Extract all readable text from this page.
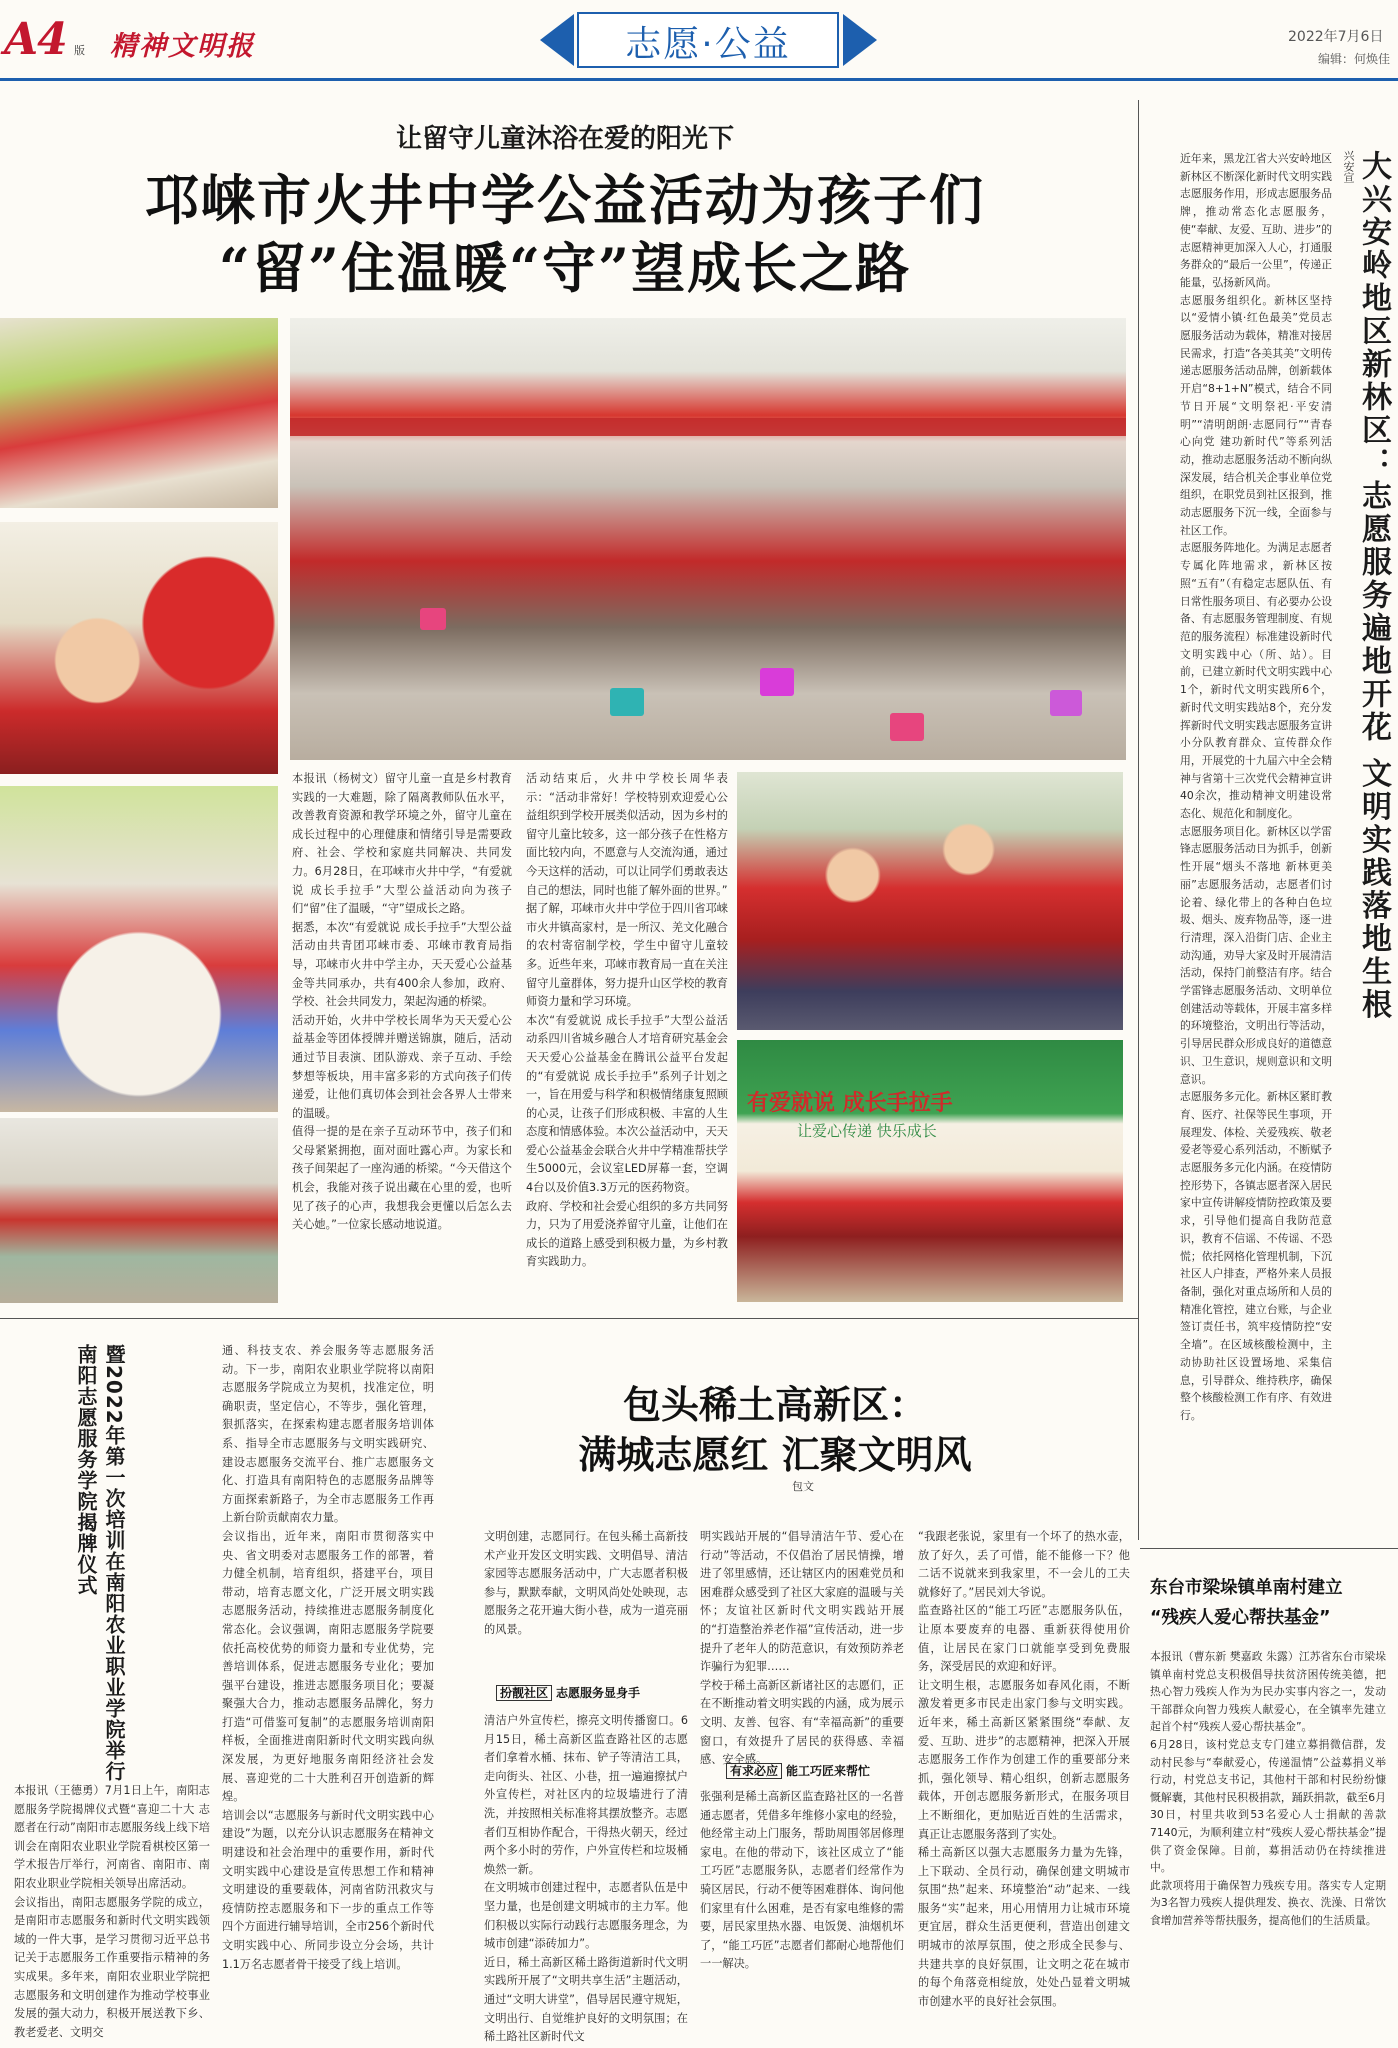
A4 版 精神文明报	志愿·公益	2022年7月6日
编辑：何焕佳
让留守儿童沐浴在爱的阳光下
邛崃市火井中学公益活动为孩子们
“留”住温暖“守”望成长之路
有爱就说 成长手拉手
让爱心传递 快乐成长
本报讯（杨树文）留守儿童一直是乡村教育实践的一大难题，除了隔离教师队伍水平，改善教育资源和教学环境之外，留守儿童在成长过程中的心理健康和情绪引导是需要政府、社会、学校和家庭共同解决、共同发力。6月28日，在邛崃市火井中学，“有爱就说 成长手拉手”大型公益活动向为孩子们“留”住了温暖，“守”望成长之路。
据悉，本次“有爱就说 成长手拉手”大型公益活动由共青团邛崃市委、邛崃市教育局指导，邛崃市火井中学主办，天天爱心公益基金等共同承办，共有400余人参加，政府、学校、社会共同发力，架起沟通的桥梁。
活动开始，火井中学校长周华为天天爱心公益基金等团体授牌并赠送锦旗，随后，活动通过节目表演、团队游戏、亲子互动、手绘梦想等板块，用丰富多彩的方式向孩子们传递爱，让他们真切体会到社会各界人士带来的温暖。
值得一提的是在亲子互动环节中，孩子们和父母紧紧拥抱，面对面吐露心声。为家长和孩子间架起了一座沟通的桥梁。“今天借这个机会，我能对孩子说出藏在心里的爱，也听见了孩子的心声，我想我会更懂以后怎么去关心她。”一位家长感动地说道。
活动结束后，火井中学校长周华表示：“活动非常好！学校特别欢迎爱心公益组织到学校开展类似活动，因为乡村的留守儿童比较多，这一部分孩子在性格方面比较内向，不愿意与人交流沟通，通过今天这样的活动，可以让同学们勇敢表达自己的想法，同时也能了解外面的世界。”
据了解，邛崃市火井中学位于四川省邛崃市火井镇高家村，是一所汉、羌文化融合的农村寄宿制学校，学生中留守儿童较多。近些年来，邛崃市教育局一直在关注留守儿童群体，努力提升山区学校的教育师资力量和学习环境。
本次“有爱就说 成长手拉手”大型公益活动系四川省城乡融合人才培育研究基金会天天爱心公益基金在腾讯公益平台发起的“有爱就说 成长手拉手”系列子计划之一，旨在用爱与科学和积极情绪康复照顾的心灵，让孩子们形成积极、丰富的人生态度和情感体验。本次公益活动中，天天爱心公益基金会联合火井中学精准帮扶学生5000元，会议室LED屏幕一套，空调4台以及价值3.3万元的医药物资。
政府、学校和社会爱心组织的多方共同努力，只为了用爱浇养留守儿童，让他们在成长的道路上感受到积极力量，为乡村教育实践助力。
兴安宣 大兴安岭地区新林区：志愿服务遍地开花 文明实践落地生根
近年来，黑龙江省大兴安岭地区新林区不断深化新时代文明实践志愿服务作用，形成志愿服务品牌，推动常态化志愿服务，使“奉献、友爱、互助、进步”的志愿精神更加深入人心，打通服务群众的“最后一公里”，传递正能量，弘扬新风尚。
志愿服务组织化。新林区坚持以“爱情小镇·红色最美”党员志愿服务活动为载体，精准对接居民需求，打造“各美其美”文明传递志愿服务活动品牌，创新载体开启“8+1+N”模式，结合不同节日开展“文明祭祀·平安清明”“清明朗朗·志愿同行”“青春心向党 建功新时代”等系列活动，推动志愿服务活动不断向纵深发展，结合机关企事业单位党组织，在职党员到社区报到，推动志愿服务下沉一线，全面参与社区工作。
志愿服务阵地化。为满足志愿者专属化阵地需求，新林区按照“五有”（有稳定志愿队伍、有日常性服务项目、有必要办公设备、有志愿服务管理制度、有规范的服务流程）标准建设新时代文明实践中心（所、站）。目前，已建立新时代文明实践中心1个，新时代文明实践所6个，新时代文明实践站8个，充分发挥新时代文明实践志愿服务宣讲小分队教育群众、宣传群众作用，开展党的十九届六中全会精神与省第十三次党代会精神宣讲40余次，推动精神文明建设常态化、规范化和制度化。
志愿服务项目化。新林区以学雷锋志愿服务活动日为抓手，创新性开展“烟头不落地 新林更美丽”志愿服务活动，志愿者们讨论着、绿化带上的各种白色垃圾、烟头、废弃物品等，逐一进行清理，深入沿街门店、企业主动沟通，劝导大家及时开展清洁活动，保持门前整洁有序。结合学雷锋志愿服务活动、文明单位创建活动等载体，开展丰富多样的环境整治，文明出行等活动，引导居民群众形成良好的道德意识、卫生意识，规则意识和文明意识。
志愿服务多元化。新林区紧盯教育、医疗、社保等民生事项，开展理发、体检、关爱残疾、敬老爱老等爱心系列活动，不断赋予志愿服务多元化内涵。在疫情防控形势下，各镇志愿者深入居民家中宣传讲解疫情防控政策及要求，引导他们提高自我防范意识，教育不信谣、不传谣、不恐慌；依托网格化管理机制，下沉社区人户排查，严格外来人员报备制，强化对重点场所和人员的精准化管控，建立台账，与企业签订责任书，筑牢疫情防控“安全墙”。在区域核酸检测中，主动协助社区设置场地、采集信息，引导群众、维持秩序，确保整个核酸检测工作有序、有效进行。
南阳志愿服务学院揭牌仪式 暨2022年第一次培训在南阳农业职业学院举行
本报讯（王德勇）7月1日上午，南阳志愿服务学院揭牌仪式暨“喜迎二十大 志愿者在行动”南阳市志愿服务线上线下培训会在南阳农业职业学院看棋校区第一学术报告厅举行，河南省、南阳市、南阳农业职业学院相关领导出席活动。
会议指出，南阳志愿服务学院的成立，是南阳市志愿服务和新时代文明实践领域的一件大事，是学习贯彻习近平总书记关于志愿服务工作重要指示精神的务实成果。多年来，南阳农业职业学院把志愿服务和文明创建作为推动学校事业发展的强大动力，积极开展送教下乡、教老爱老、文明交
通、科技支农、养会服务等志愿服务活动。下一步，南阳农业职业学院将以南阳志愿服务学院成立为契机，找准定位，明确职责，坚定信心，不等步，强化管理，狠抓落实，在探索构建志愿者服务培训体系、指导全市志愿服务与文明实践研究、建设志愿服务交流平台、推广志愿服务文化、打造具有南阳特色的志愿服务品牌等方面探索新路子，为全市志愿服务工作再上新台阶贡献南农力量。
会议指出，近年来，南阳市贯彻落实中央、省文明委对志愿服务工作的部署，着力健全机制，培育组织，搭建平台，项目带动，培育志愿文化，广泛开展文明实践志愿服务活动，持续推进志愿服务制度化常态化。会议强调，南阳志愿服务学院要依托高校优势的师资力量和专业优势，完善培训体系，促进志愿服务专业化；要加强平台建设，推进志愿服务项目化；要凝聚强大合力，推动志愿服务品牌化，努力打造“可借鉴可复制”的志愿服务培训南阳样板，全面推进南阳新时代文明实践向纵深发展，为更好地服务南阳经济社会发展、喜迎党的二十大胜利召开创造新的辉煌。
培训会以“志愿服务与新时代文明实践中心建设”为题，以充分认识志愿服务在精神文明建设和社会治理中的重要作用，新时代文明实践中心建设是宣传思想工作和精神文明建设的重要载体，河南省防汛救灾与疫情防控志愿服务和下一步的重点工作等四个方面进行辅导培训，全市256个新时代文明实践中心、所同步设立分会场，共计1.1万名志愿者骨干接受了线上培训。
包头稀土高新区：
满城志愿红 汇聚文明风
包文
文明创建，志愿同行。在包头稀土高新技术产业开发区文明实践、文明倡导、清洁家园等志愿服务活动中，广大志愿者积极参与，默默奉献，文明风尚处处映现，志愿服务之花开遍大街小巷，成为一道亮丽的风景。
扮靓社区 志愿服务显身手
清洁户外宣传栏，擦亮文明传播窗口。6月15日，稀土高新区监查路社区的志愿者们拿着水桶、抹布、铲子等清洁工具，走向街头、社区、小巷，扭一遍遍擦拭户外宣传栏，对社区内的垃圾墙进行了清洗，并按照相关标准将其摆放整齐。志愿者们互相协作配合，干得热火朝天，经过两个多小时的劳作，户外宣传栏和垃圾桶焕然一新。
在文明城市创建过程中，志愿者队伍是中坚力量，也是创建文明城市的主力军。他们积极以实际行动践行志愿服务理念，为城市创建“添砖加力”。
近日，稀土高新区稀土路街道新时代文明实践所开展了“文明共享生活”主题活动，通过“文明大讲堂”，倡导居民遵守规矩，文明出行、自觉维护良好的文明氛围；在稀土路社区新时代文
明实践站开展的“倡导清洁午节、爱心在行动”等活动，不仅倡治了居民情操，增进了邻里感情，还让辖区内的困难党员和困难群众感受到了社区大家庭的温暖与关怀；友谊社区新时代文明实践站开展的“打造整治养老作福”宣传活动，进一步提升了老年人的防范意识，有效预防养老诈骗行为犯罪……
学校于稀土高新区新诸社区的志愿们，正在不断推动着文明实践的内涵，成为展示文明、友善、包容、有“幸福高新”的重要窗口，有效提升了居民的获得感、幸福感、安全感。
有求必应 能工巧匠来帮忙
张强利是稀土高新区监查路社区的一名普通志愿者，凭借多年维修小家电的经验，他经常主动上门服务，帮助周围邻居修理家电。在他的带动下，该社区成立了“能工巧匠”志愿服务队，志愿者们经常作为骑区居民，行动不便等困难群体、询问他们家里有什么困难，是否有家电维修的需要，居民家里热水器、电饭煲、油烟机坏了，“能工巧匠”志愿者们都耐心地帮他们一一解决。
“我跟老张说，家里有一个坏了的热水壶，放了好久，丢了可惜，能不能修一下？他二话不说就来到我家里，不一会儿的工夫就修好了。”居民刘大爷说。
监查路社区的“能工巧匠”志愿服务队伍，让原本要废弃的电器、重新获得使用价值，让居民在家门口就能享受到免费服务，深受居民的欢迎和好评。
让文明生根，志愿服务如春风化雨，不断激发着更多市民走出家门参与文明实践。近年来，稀土高新区紧紧围绕“奉献、友爱、互助、进步”的志愿精神，把深入开展志愿服务工作作为创建工作的重要部分来抓，强化领导、精心组织，创新志愿服务载体，开创志愿服务新形式，在服务项目上不断细化，更加贴近百姓的生活需求，真正让志愿服务落到了实处。
稀土高新区以强大志愿服务力量为先锋，上下联动、全员行动，确保创建文明城市氛围“热”起来、环境整治“动”起来、一线服务“实”起来，用心用情用力让城市环境更宜居，群众生活更便利，营造出创建文明城市的浓厚氛围，使之形成全民参与、共建共享的良好氛围，让文明之花在城市的每个角落竞相绽放，处处凸显着文明城市创建水平的良好社会氛围。
东台市梁垛镇单南村建立
“残疾人爱心帮扶基金”
本报讯（曹东新 樊嘉政 朱露）江苏省东台市梁垛镇单南村党总支积极倡导扶贫济困传统美德，把热心智力残疾人作为为民办实事内容之一，发动干部群众向智力残疾人献爱心，在全镇率先建立起首个村“残疾人爱心帮扶基金”。
6月28日，该村党总支专门建立募捐微信群，发动村民参与“奉献爱心，传递温情”公益募捐义举行动，村党总支书记，其他村干部和村民纷纷慷慨解囊，其他村民积极捐款，踊跃捐款，截至6月30日，村里共收到53名爱心人士捐献的善款7140元，为顺利建立村“残疾人爱心帮扶基金”提供了资金保障。目前，募捐活动仍在持续推进中。
此款项将用于确保智力残疾专用。落实专人定期为3名智力残疾人提供理发、换衣、洗澡、日常饮食增加营养等帮扶服务，提高他们的生活质量。
